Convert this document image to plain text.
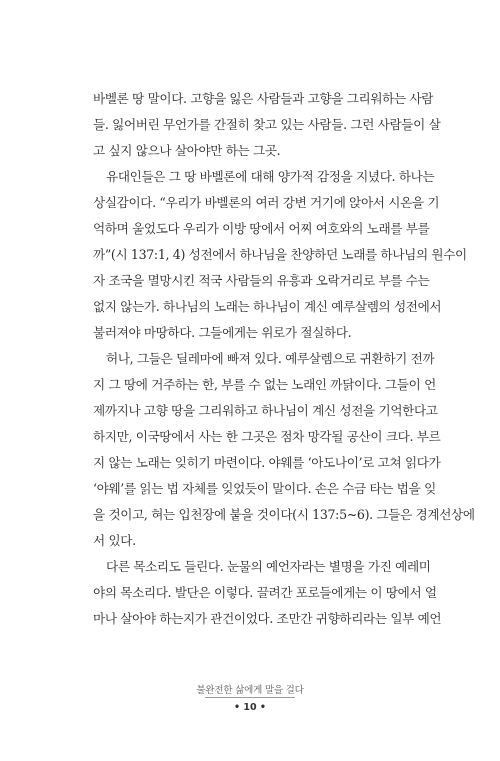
바벨론 땅 말이다. 고향을 잃은 사람들과 고향을 그리워하는 사람
들. 잃어버린 무언가를 간절히 찾고 있는 사람들. 그런 사람들이 살
고 싶지 않으나 살아야만 하는 그곳.
유대인들은 그 땅 바벨론에 대해 양가적 감정을 지녔다. 하나는
상실감이다. “우리가 바벨론의 여러 강변 거기에 앉아서 시온을 기
억하며 울었도다 우리가 이방 땅에서 어찌 여호와의 노래를 부를
까”(시 137:1, 4) 성전에서 하나님을 찬양하던 노래를 하나님의 원수이
자 조국을 멸망시킨 적국 사람들의 유흥과 오락거리로 부를 수는
없지 않는가. 하나님의 노래는 하나님이 계신 예루살렘의 성전에서
불러져야 마땅하다. 그들에게는 위로가 절실하다.
허나, 그들은 딜레마에 빠져 있다. 예루살렘으로 귀환하기 전까
지 그 땅에 거주하는 한, 부를 수 없는 노래인 까닭이다. 그들이 언
제까지나 고향 땅을 그리워하고 하나님이 계신 성전을 기억한다고
하지만, 이국땅에서 사는 한 그곳은 점차 망각될 공산이 크다. 부르
지 않는 노래는 잊히기 마련이다. 야웨를 ‘아도나이’로 고쳐 읽다가
‘야웨’를 읽는 법 자체를 잊었듯이 말이다. 손은 수금 타는 법을 잊
을 것이고, 혀는 입천장에 붙을 것이다(시 137:5~6). 그들은 경계선상에
서 있다.
다른 목소리도 들린다. 눈물의 예언자라는 별명을 가진 예레미
야의 목소리다. 발단은 이렇다. 끌려간 포로들에게는 이 땅에서 얼
마나 살아야 하는지가 관건이었다. 조만간 귀향하리라는 일부 예언
불완전한 삶에게 말을 걸다
• 10 •
